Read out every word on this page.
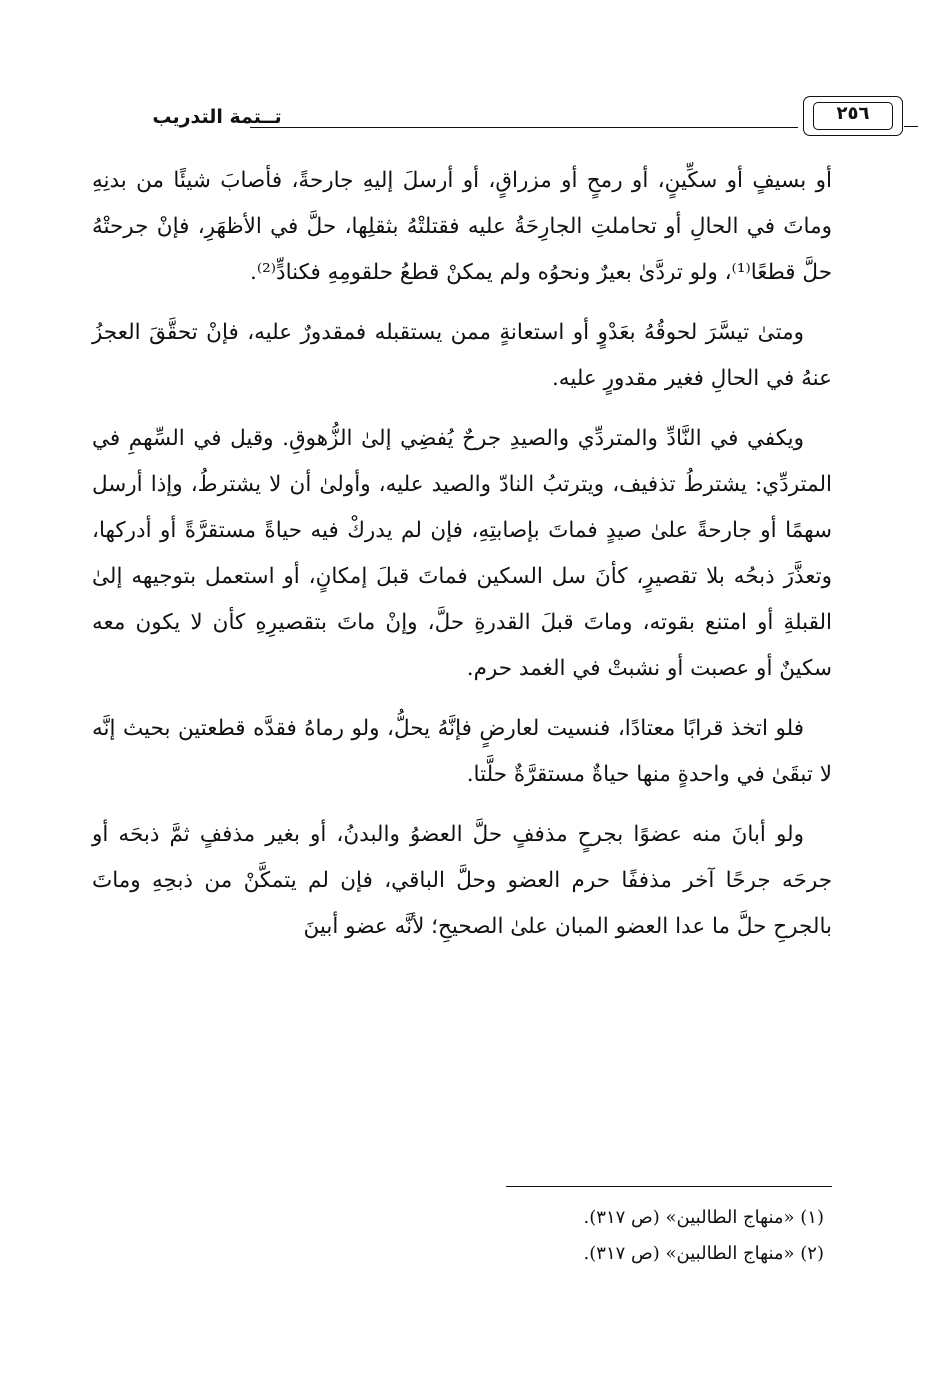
تــتمة التدريب	٢٥٦

أو بسيفٍ أو سكِّينٍ، أو رمحٍ أو مزراقٍ، أو أرسلَ إليهِ جارحةً، فأصابَ شيئًا من بدنِهِ وماتَ في الحالِ أو تحاملتِ الجارِحَةُ عليه فقتلتْهُ بثقلِها، حلَّ في الأظهَرِ، فإنْ جرحتْهُ حلَّ قطعًا⁽¹⁾، ولو تردَّىٰ بعيرٌ ونحوُه ولم يمكنْ قطعُ حلقومِهِ فكنادٍّ⁽²⁾.

ومتىٰ تيسَّرَ لحوقُهُ بعَدْوٍ أو استعانةٍ ممن يستقبله فمقدورٌ عليه، فإنْ تحقَّقَ العجزُ عنهُ في الحالِ فغير مقدورٍ عليه.

ويكفي في النَّادِّ والمتردِّي والصيدِ جرحٌ يُفضِي إلىٰ الزُّهوقِ. وقيل في السِّهمِ في المتردِّي: يشترطُ تذفيف، ويترتبُ النادّ والصيد عليه، وأولىٰ أن لا يشترطُ، وإذا أرسل سهمًا أو جارحةً علىٰ صيدٍ فماتَ بإصابتِهِ، فإن لم يدركْ فيه حياةً مستقرَّةً أو أدركها، وتعذَّرَ ذبحُه بلا تقصيرٍ، كأنَ سل السكين فماتَ قبلَ إمكانٍ، أو استعمل بتوجيهه إلىٰ القبلةِ أو امتنع بقوته، وماتَ قبلَ القدرةِ حلَّ، وإنْ ماتَ بتقصيرِهِ كأن لا يكون معه سكينٌ أو عصبت أو نشبتْ في الغمد حرم.

فلو اتخذ قرابًا معتادًا، فنسيت لعارضٍ فإنَّهُ يحلُّ، ولو رماهُ فقدَّه قطعتين بحيث إنَّه لا تبقَىٰ في واحدةٍ منها حياةٌ مستقرَّةٌ حلَّتا.

ولو أبانَ منه عضوًا بجرحٍ مذففٍ حلَّ العضوُ والبدنُ، أو بغير مذففٍ ثمَّ ذبحَه أو جرحَه جرحًا آخر مذففًا حرم العضو وحلَّ الباقي، فإن لم يتمكَّنْ من ذبحِهِ وماتَ بالجرحِ حلَّ ما عدا العضو المبان علىٰ الصحيحِ؛ لأنَّه عضو أبينَ

(١) «منهاج الطالبين» (ص ٣١٧).
(٢) «منهاج الطالبين» (ص ٣١٧).
